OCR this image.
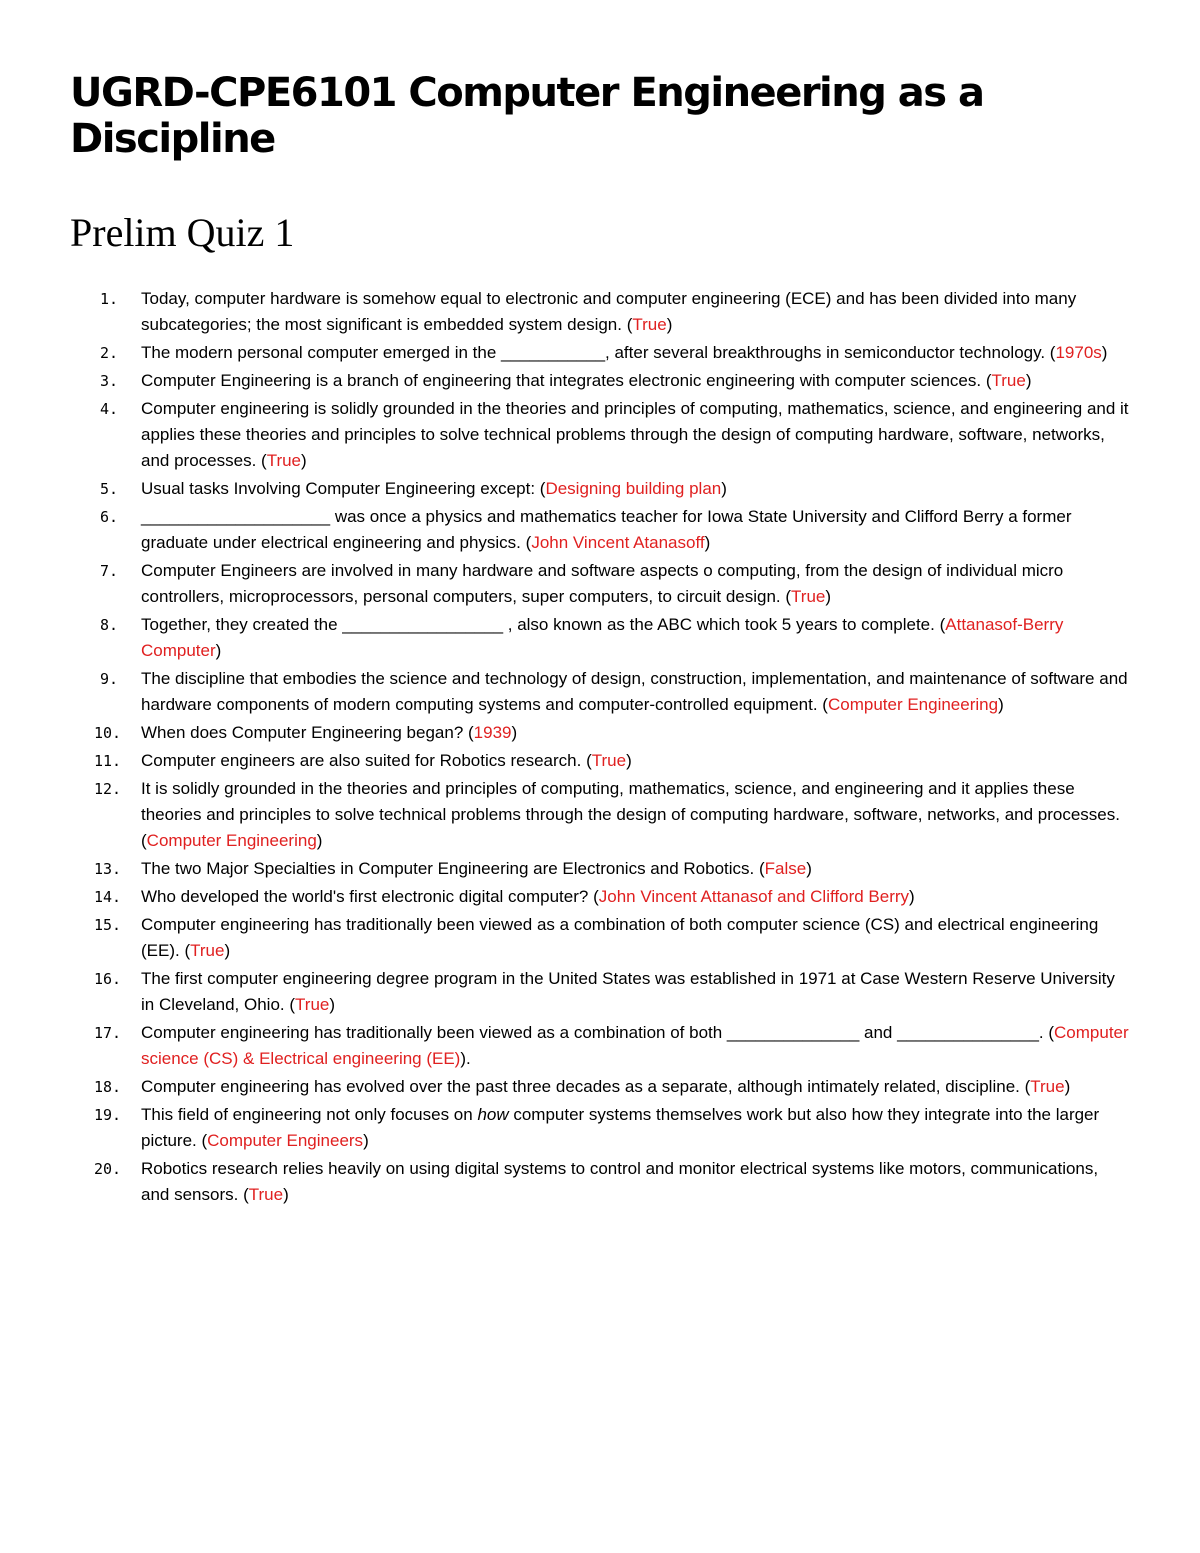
UGRD-CPE6101 Computer Engineering as a Discipline
Prelim Quiz 1
1.	Today, computer hardware is somehow equal to electronic and computer engineering (ECE) and has been divided into many subcategories; the most significant is embedded system design. (True)
2.	The modern personal computer emerged in the ___________, after several breakthroughs in semiconductor technology. (1970s)
3.	Computer Engineering is a branch of engineering that integrates electronic engineering with computer sciences. (True)
4.	Computer engineering is solidly grounded in the theories and principles of computing, mathematics, science, and engineering and it applies these theories and principles to solve technical problems through the design of computing hardware, software, networks, and processes. (True)
5.	Usual tasks Involving Computer Engineering except: (Designing building plan)
6.	____________________ was once a physics and mathematics teacher for Iowa State University and Clifford Berry a former graduate under electrical engineering and physics. (John Vincent Atanasoff)
7.	Computer Engineers are involved in many hardware and software aspects o computing, from the design of individual micro controllers, microprocessors, personal computers, super computers, to circuit design. (True)
8.	Together, they created the _________________ , also known as the ABC which took 5 years to complete. (Attanasof-Berry Computer)
9.	The discipline that embodies the science and technology of design, construction, implementation, and maintenance of software and hardware components of modern computing systems and computer-controlled equipment. (Computer Engineering)
10.	When does Computer Engineering began? (1939)
11.	Computer engineers are also suited for Robotics research. (True)
12.	It is solidly grounded in the theories and principles of computing, mathematics, science, and engineering and it applies these theories and principles to solve technical problems through the design of computing hardware, software, networks, and processes. (Computer Engineering)
13.	The two Major Specialties in Computer Engineering are Electronics and Robotics. (False)
14.	Who developed the world's first electronic digital computer? (John Vincent Attanasof and Clifford Berry)
15.	Computer engineering has traditionally been viewed as a combination of both computer science (CS) and electrical engineering (EE). (True)
16.	The first computer engineering degree program in the United States was established in 1971 at Case Western Reserve University in Cleveland, Ohio. (True)
17.	Computer engineering has traditionally been viewed as a combination of both ______________ and _______________. (Computer science (CS) & Electrical engineering (EE)).
18.	Computer engineering has evolved over the past three decades as a separate, although intimately related, discipline. (True)
19.	This field of engineering not only focuses on how computer systems themselves work but also how they integrate into the larger picture. (Computer Engineers)
20.	Robotics research relies heavily on using digital systems to control and monitor electrical systems like motors, communications, and sensors. (True)
